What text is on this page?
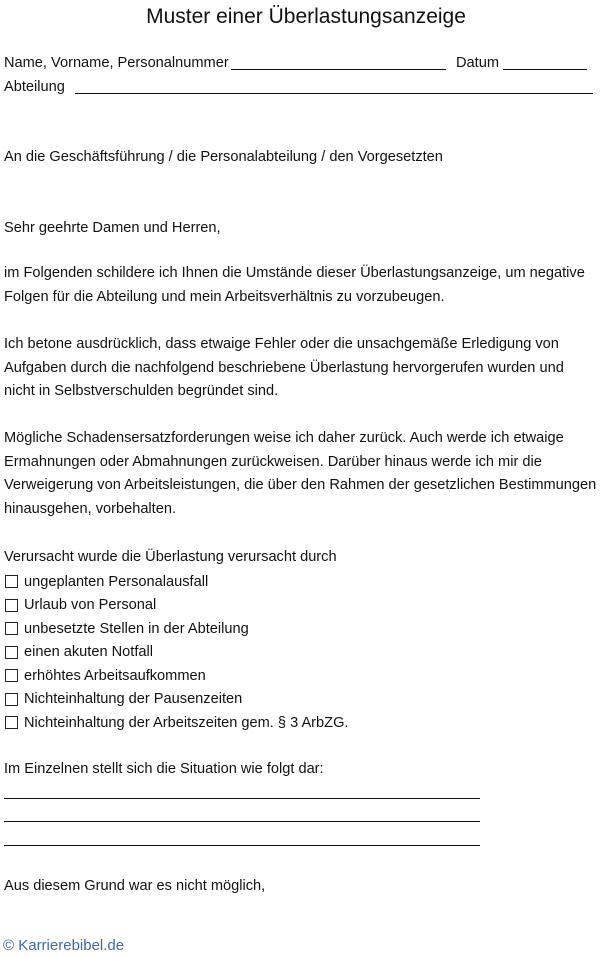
Muster einer Überlastungsanzeige
Name, Vorname, Personalnummer	Datum
Abteilung
An die Geschäftsführung / die Personalabteilung / den Vorgesetzten
Sehr geehrte Damen und Herren,
im Folgenden schildere ich Ihnen die Umstände dieser Überlastungsanzeige, um negative
Folgen für die Abteilung und mein Arbeitsverhältnis zu vorzubeugen.
Ich betone ausdrücklich, dass etwaige Fehler oder die unsachgemäße Erledigung von
Aufgaben durch die nachfolgend beschriebene Überlastung hervorgerufen wurden und
nicht in Selbstverschulden begründet sind.
Mögliche Schadensersatzforderungen weise ich daher zurück. Auch werde ich etwaige
Ermahnungen oder Abmahnungen zurückweisen. Darüber hinaus werde ich mir die
Verweigerung von Arbeitsleistungen, die über den Rahmen der gesetzlichen Bestimmungen
hinausgehen, vorbehalten.
Verursacht wurde die Überlastung verursacht durch
ungeplanten Personalausfall
Urlaub von Personal
unbesetzte Stellen in der Abteilung
einen akuten Notfall
erhöhtes Arbeitsaufkommen
Nichteinhaltung der Pausenzeiten
Nichteinhaltung der Arbeitszeiten gem. § 3 ArbZG.
Im Einzelnen stellt sich die Situation wie folgt dar:
Aus diesem Grund war es nicht möglich,
© Karrierebibel.de
